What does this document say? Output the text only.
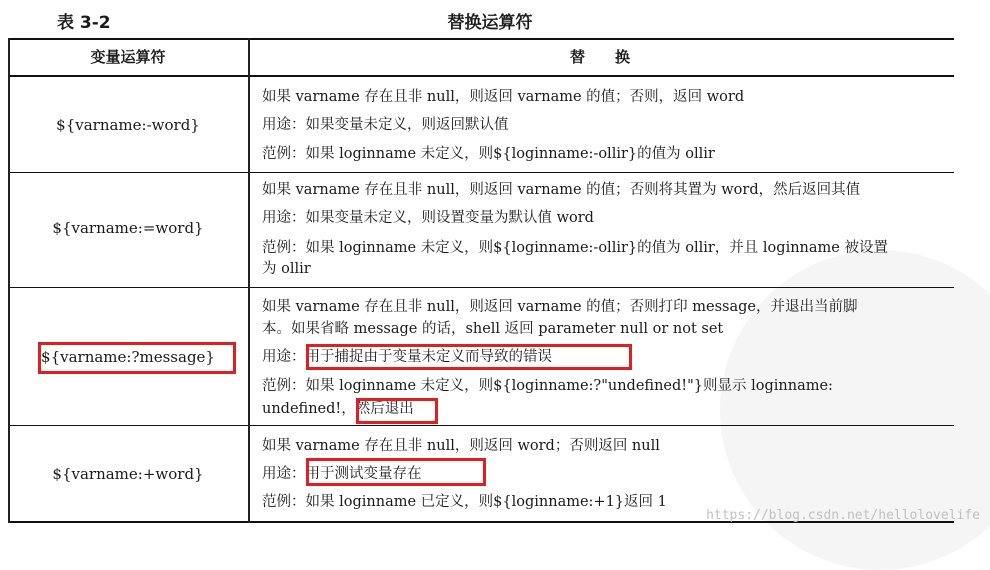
表 3-2	替换运算符
变量运算符	替　　换
${varname:-word}
如果 varname 存在且非 null，则返回 varname 的值；否则，返回 word
用途：如果变量未定义，则返回默认值
范例：如果 loginname 未定义，则${loginname:-ollir}的值为 ollir
${varname:=word}
如果 varname 存在且非 null，则返回 varname 的值；否则将其置为 word，然后返回其值
用途：如果变量未定义，则设置变量为默认值 word
范例：如果 loginname 未定义，则${loginname:-ollir}的值为 ollir，并且 loginname 被设置
为 ollir
${varname:?message}
如果 varname 存在且非 null，则返回 varname 的值；否则打印 message，并退出当前脚
本。如果省略 message 的话，shell 返回 parameter null or not set
用途：用于捕捉由于变量未定义而导致的错误
范例：如果 loginname 未定义，则${loginname:?"undefined!"}则显示 loginname:
undefined!，然后退出
${varname:+word}
如果 varname 存在且非 null，则返回 word；否则返回 null
用途：用于测试变量存在
范例：如果 loginname 已定义，则${loginname:+1}返回 1
https://blog.csdn.net/hellolovelife
